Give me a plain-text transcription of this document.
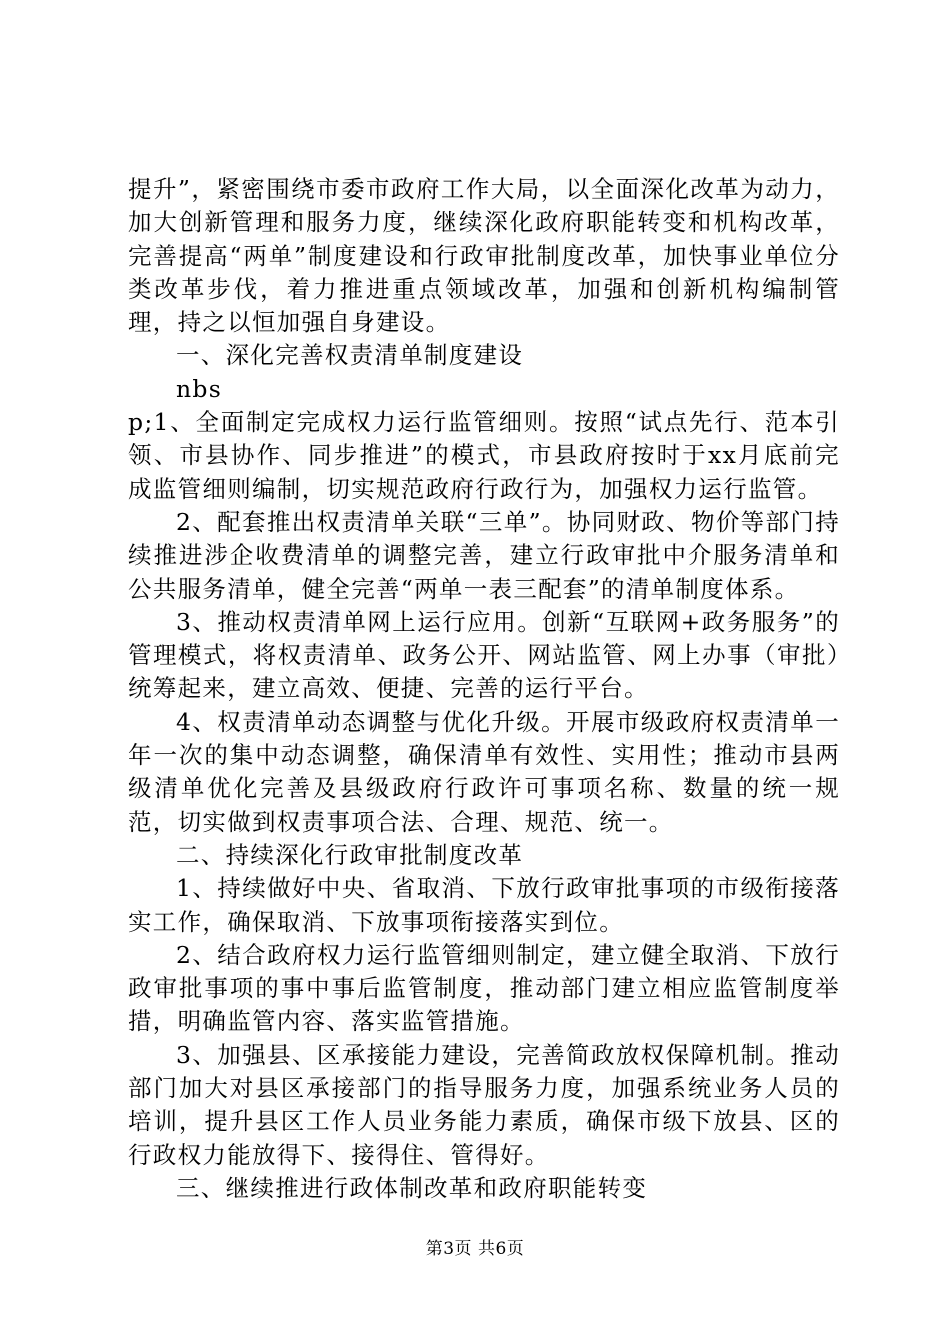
提升”，紧密围绕市委市政府工作大局，以全面深化改革为动力，加大创新管理和服务力度，继续深化政府职能转变和机构改革，完善提高“两单”制度建设和行政审批制度改革，加快事业单位分类改革步伐，着力推进重点领域改革，加强和创新机构编制管理，持之以恒加强自身建设。

一、深化完善权责清单制度建设

nbs

p;1、全面制定完成权力运行监管细则。按照“试点先行、范本引领、市县协作、同步推进”的模式，市县政府按时于xx月底前完成监管细则编制，切实规范政府行政行为，加强权力运行监管。

2、配套推出权责清单关联“三单”。协同财政、物价等部门持续推进涉企收费清单的调整完善，建立行政审批中介服务清单和公共服务清单，健全完善“两单一表三配套”的清单制度体系。

3、推动权责清单网上运行应用。创新“互联网+政务服务”的管理模式，将权责清单、政务公开、网站监管、网上办事（审批）统筹起来，建立高效、便捷、完善的运行平台。

4、权责清单动态调整与优化升级。开展市级政府权责清单一年一次的集中动态调整，确保清单有效性、实用性；推动市县两级清单优化完善及县级政府行政许可事项名称、数量的统一规范，切实做到权责事项合法、合理、规范、统一。

二、持续深化行政审批制度改革

1、持续做好中央、省取消、下放行政审批事项的市级衔接落实工作，确保取消、下放事项衔接落实到位。

2、结合政府权力运行监管细则制定，建立健全取消、下放行政审批事项的事中事后监管制度，推动部门建立相应监管制度举措，明确监管内容、落实监管措施。

3、加强县、区承接能力建设，完善简政放权保障机制。推动部门加大对县区承接部门的指导服务力度，加强系统业务人员的培训，提升县区工作人员业务能力素质，确保市级下放县、区的行政权力能放得下、接得住、管得好。

三、继续推进行政体制改革和政府职能转变

第3页 共6页
